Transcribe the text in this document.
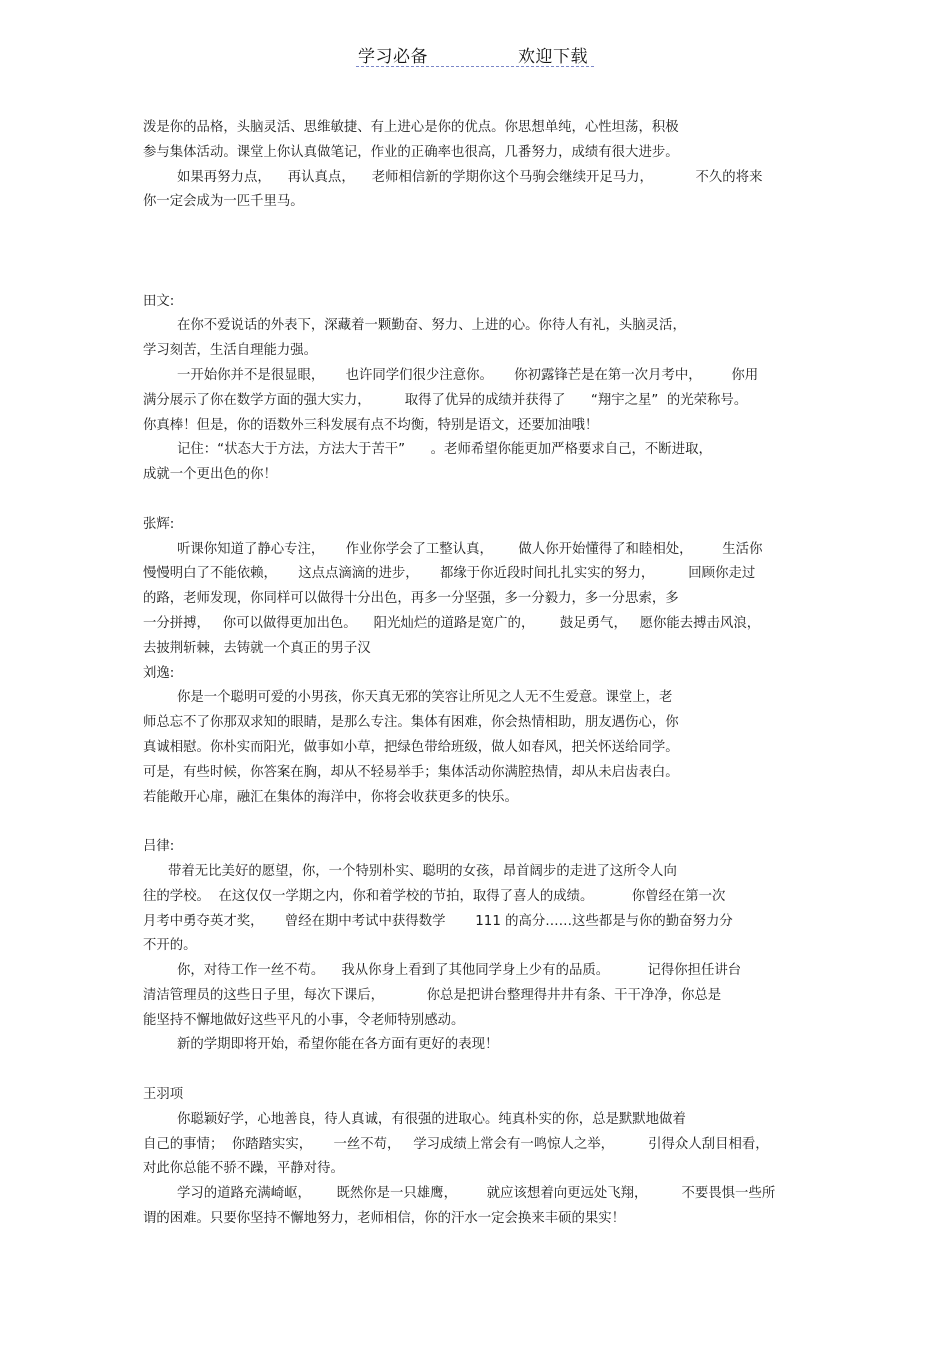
学习必备	欢迎下载
泼是你的品格，头脑灵活、思维敏捷、有上进心是你的优点。你思想单纯，心性坦荡，积极
参与集体活动。课堂上你认真做笔记，作业的正确率也很高，几番努力，成绩有很大进步。
如果再努力点，    再认真点，    老师相信新的学期你这个马驹会继续开足马力，          不久的将来
你一定会成为一匹千里马。
田文:
在你不爱说话的外表下，深藏着一颗勤奋、努力、上进的心。你待人有礼，头脑灵活，
学习刻苦，生活自理能力强。
一开始你并不是很显眼，     也许同学们很少注意你。     你初露锋芒是在第一次月考中，       你用
满分展示了你在数学方面的强大实力，        取得了优异的成绩并获得了      “翔宇之星”  的光荣称号。
你真棒！但是，你的语数外三科发展有点不均衡，特别是语文，还要加油哦！
记住：“状态大于方法，方法大于苦干”      。老师希望你能更加严格要求自己，不断进取，
成就一个更出色的你！
张辉:
听课你知道了静心专注，     作业你学会了工整认真，      做人你开始懂得了和睦相处，       生活你
慢慢明白了不能依赖，     这点点滴滴的进步，     都缘于你近段时间扎扎实实的努力，        回顾你走过
的路，老师发现，你同样可以做得十分出色，再多一分坚强，多一分毅力，多一分思索，多
一分拼搏，   你可以做得更加出色。    阳光灿烂的道路是宽广的，      鼓足勇气，   愿你能去搏击风浪，
去披荆斩棘，去铸就一个真正的男子汉
刘逸:
你是一个聪明可爱的小男孩，你天真无邪的笑容让所见之人无不生爱意。课堂上，老
师总忘不了你那双求知的眼睛，是那么专注。集体有困难，你会热情相助，朋友遇伤心，你
真诚相慰。你朴实而阳光，做事如小草，把绿色带给班级，做人如春风，把关怀送给同学。
可是，有些时候，你答案在胸，却从不轻易举手；集体活动你满腔热情，却从未启齿表白。
若能敞开心扉，融汇在集体的海洋中，你将会收获更多的快乐。
吕律:
带着无比美好的愿望，你，一个特别朴实、聪明的女孩，昂首阔步的走进了这所令人向
往的学校。  在这仅仅一学期之内，你和着学校的节拍，取得了喜人的成绩。         你曾经在第一次
月考中勇夺英才奖，     曾经在期中考试中获得数学       111 的高分……这些都是与你的勤奋努力分
不开的。
你，对待工作一丝不苟。    我从你身上看到了其他同学身上少有的品质。         记得你担任讲台
清洁管理员的这些日子里，每次下课后，          你总是把讲台整理得井井有条、干干净净，你总是
能坚持不懈地做好这些平凡的小事，令老师特别感动。
新的学期即将开始，希望你能在各方面有更好的表现！
王羽项
你聪颖好学，心地善良，待人真诚，有很强的进取心。纯真朴实的你，总是默默地做着
自己的事情；  你踏踏实实，     一丝不苟，   学习成绩上常会有一鸣惊人之举，        引得众人刮目相看，
对此你总能不骄不躁，平静对待。
学习的道路充满崎岖，      既然你是一只雄鹰，       就应该想着向更远处飞翔，        不要畏惧一些所
谓的困难。只要你坚持不懈地努力，老师相信，你的汗水一定会换来丰硕的果实！
